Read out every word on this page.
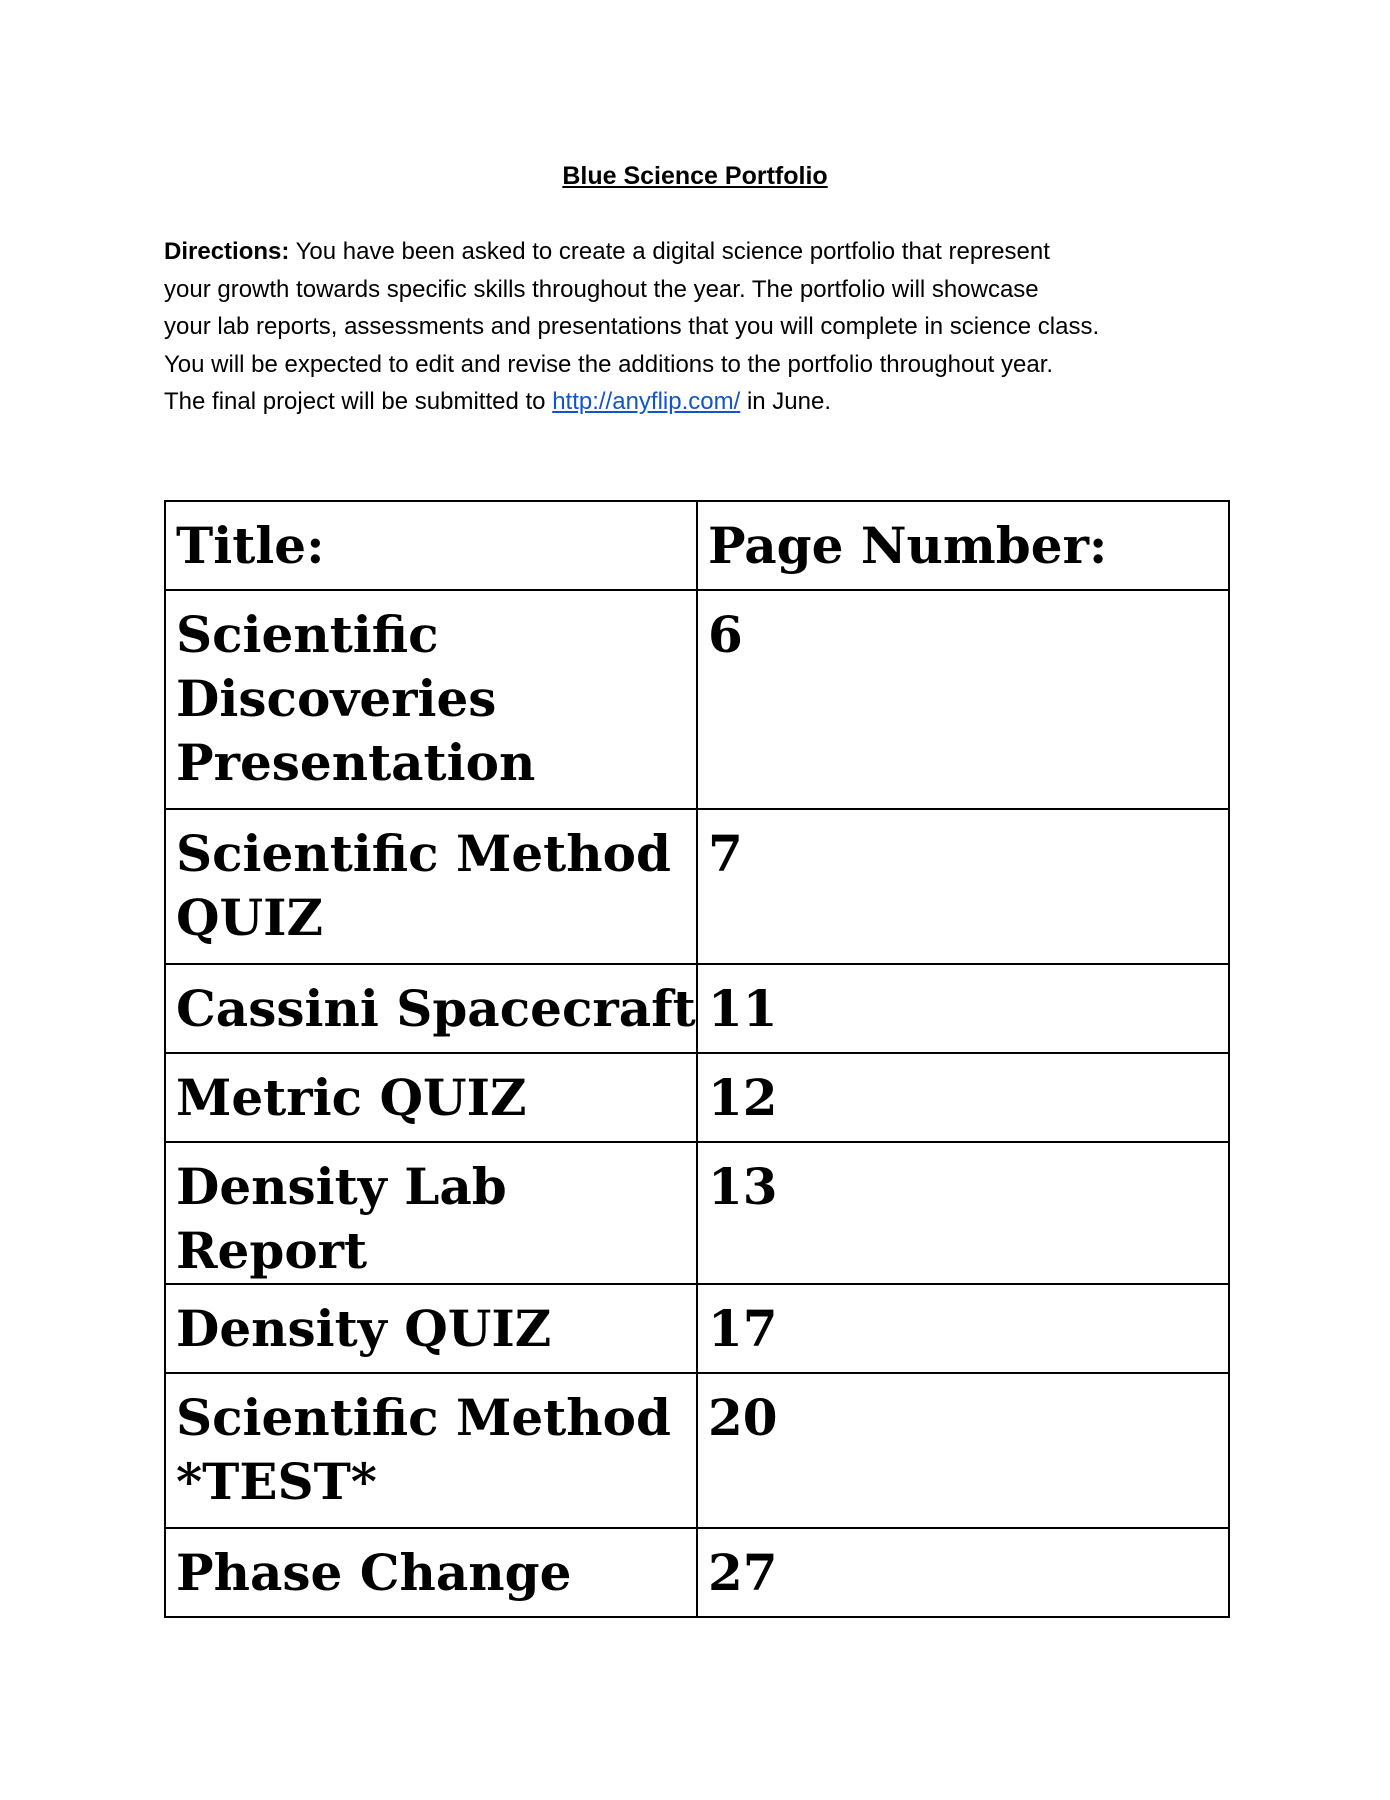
Blue Science Portfolio

Directions: You have been asked to create a digital science portfolio that represent
your growth towards specific skills throughout the year. The portfolio will showcase
your lab reports, assessments and presentations that you will complete in science class.
You will be expected to edit and revise the additions to the portfolio throughout year.
The final project will be submitted to http://anyflip.com/ in June.

Title:	Page Number:
Scientific
Discoveries
Presentation	6
Scientific Method
QUIZ	7
Cassini Spacecraft	11
Metric QUIZ	12
Density Lab Report	13
Density QUIZ	17
Scientific Method
*TEST*	20
Phase Change	27
